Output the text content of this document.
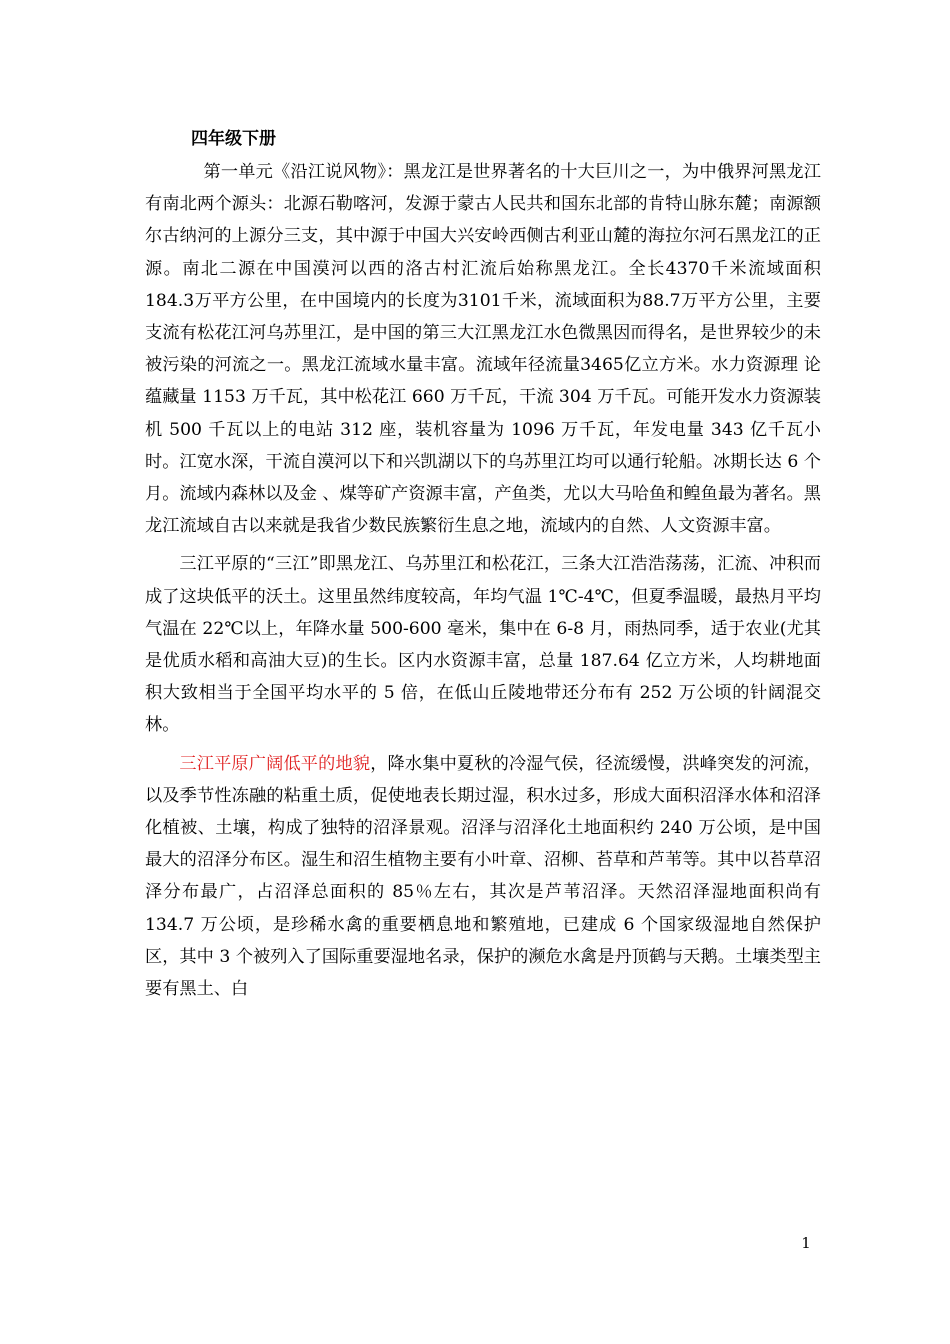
四年级下册

第一单元《沿江说风物》：黑龙江是世界著名的十大巨川之一，为中俄界河黑龙江有南北两个源头：北源石勒喀河，发源于蒙古人民共和国东北部的肯特山脉东麓；南源额尔古纳河的上源分三支，其中源于中国大兴安岭西侧古利亚山麓的海拉尔河石黑龙江的正源。南北二源在中国漠河以西的洛古村汇流后始称黑龙江。全长4370千米流域面积184.3万平方公里，在中国境内的长度为3101千米，流域面积为88.7万平方公里，主要支流有松花江河乌苏里江，是中国的第三大江黑龙江水色微黑因而得名，是世界较少的未被污染的河流之一。黑龙江流域水量丰富。流域年径流量3465亿立方米。水力资源理 论蕴藏量 1153 万千瓦，其中松花江 660 万千瓦，干流 304 万千瓦。可能开发水力资源装机 500 千瓦以上的电站 312 座，装机容量为 1096 万千瓦，年发电量 343 亿千瓦小时。江宽水深，干流自漠河以下和兴凯湖以下的乌苏里江均可以通行轮船。冰期长达 6 个月。流域内森林以及金 、煤等矿产资源丰富，产鱼类，尤以大马哈鱼和鳇鱼最为著名。黑龙江流域自古以来就是我省少数民族繁衍生息之地，流域内的自然、人文资源丰富。

三江平原的“三江”即黑龙江、乌苏里江和松花江，三条大江浩浩荡荡，汇流、冲积而成了这块低平的沃土。这里虽然纬度较高，年均气温 1℃-4℃，但夏季温暖，最热月平均气温在 22℃以上，年降水量 500-600 毫米，集中在 6-8 月，雨热同季，适于农业(尤其是优质水稻和高油大豆)的生长。区内水资源丰富，总量 187.64 亿立方米，人均耕地面积大致相当于全国平均水平的 5 倍，在低山丘陵地带还分布有 252 万公顷的针阔混交林。

三江平原广阔低平的地貌，降水集中夏秋的冷湿气侯，径流缓慢，洪峰突发的河流，以及季节性冻融的粘重土质，促使地表长期过湿，积水过多，形成大面积沼泽水体和沼泽化植被、土壤，构成了独特的沼泽景观。沼泽与沼泽化土地面积约 240 万公顷，是中国最大的沼泽分布区。湿生和沼生植物主要有小叶章、沼柳、苔草和芦苇等。其中以苔草沼泽分布最广，占沼泽总面积的 85％左右，其次是芦苇沼泽。天然沼泽湿地面积尚有 134.7 万公顷，是珍稀水禽的重要栖息地和繁殖地，已建成 6 个国家级湿地自然保护区，其中 3 个被列入了国际重要湿地名录，保护的濒危水禽是丹顶鹤与天鹅。土壤类型主要有黑土、白

1
